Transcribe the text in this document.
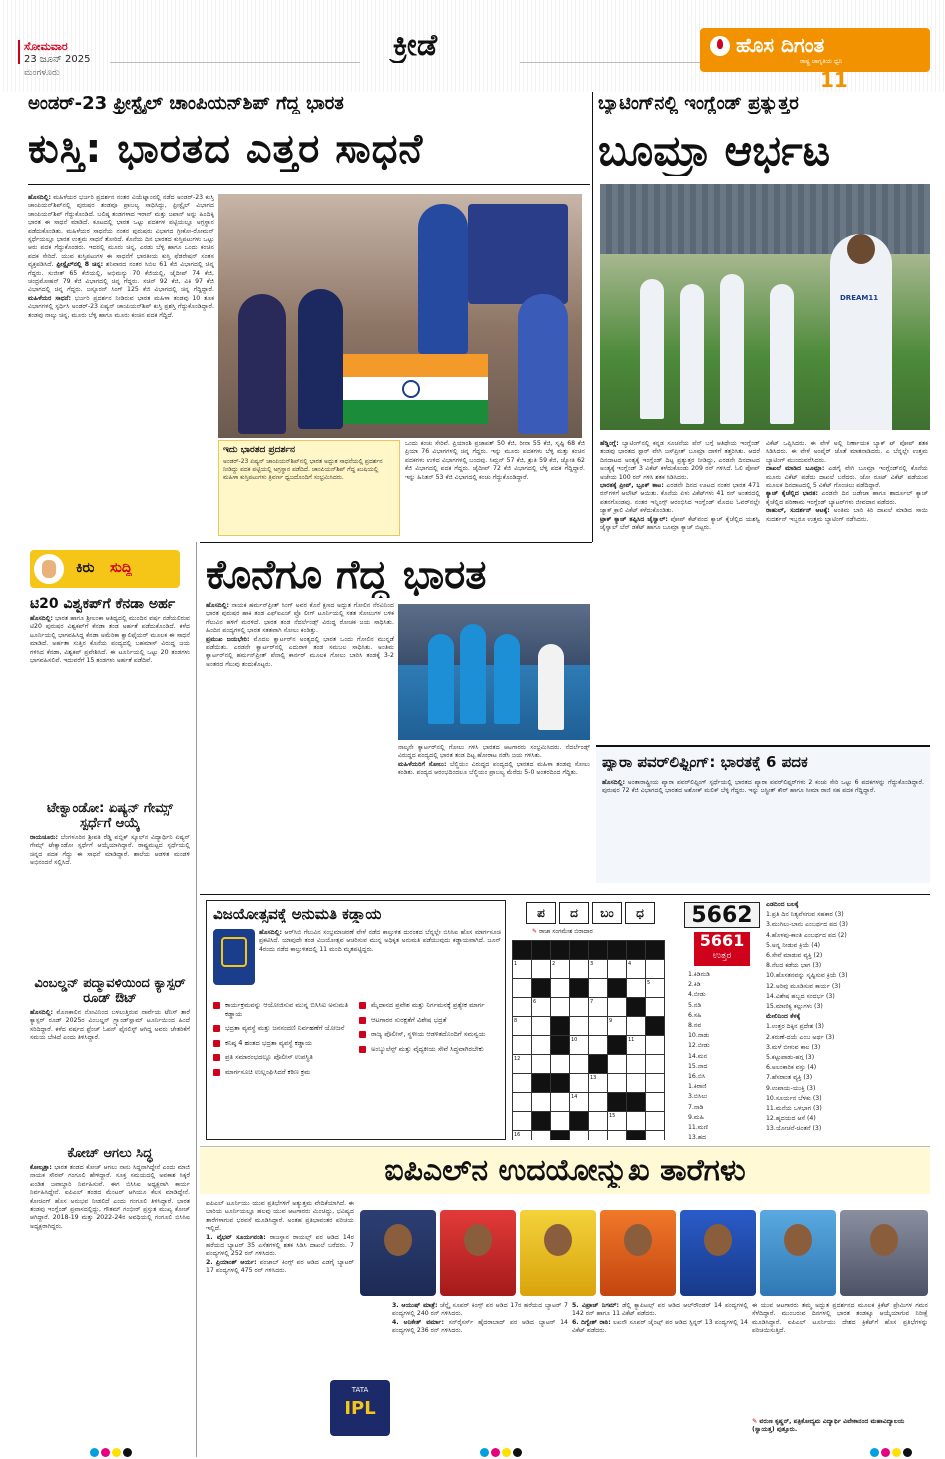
ಸೋಮವಾರ
23 ಜೂನ್ 2025
ಮಂಗಳೂರು
ಕ್ರೀಡೆ	ಹೊಸ ದಿಗಂತ
ರಾಷ್ಟ್ರ ಜಾಗೃತಿಯ ಧ್ವನಿ
11
ಅಂಡರ್-23 ಫ್ರೀಸ್ಟೈಲ್ ಚಾಂಪಿಯನ್‌ಶಿಪ್ ಗೆದ್ದ ಭಾರತ
ಕುಸ್ತಿ: ಭಾರತದ ಎತ್ತರ ಸಾಧನೆ
ಹೊಸದಿಲ್ಲಿ: ಮಹಿಳೆಯರ ಭರ್ಜರಿ ಪ್ರದರ್ಶನ ನಂತರ ವಿಯೆಟ್ನಾಂನಲ್ಲಿ ನಡೆದ ಅಂಡರ್-23 ಕುಸ್ತಿ ಚಾಂಪಿಯನ್‌ಶಿಪ್‌ನಲ್ಲಿ ಪುರುಷರ ತಂಡವೂ ಪ್ರಾಬಲ್ಯ ಸಾಧಿಸಿದ್ದು, ಫ್ರೀಸ್ಟೈಲ್ ವಿಭಾಗದ ಚಾಂಪಿಯನ್‌ಶಿಪ್ ಗೆದ್ದುಕೊಂಡಿದೆ. ಬಲಿಷ್ಠ ತಂಡಗಳಾದ ಇರಾನ್ ಮತ್ತು ಜಪಾನ್ ಅನ್ನು ಹಿಂದಿಕ್ಕಿ ಭಾರತ ಈ ಸಾಧನೆ ಮಾಡಿದೆ. ಕೂಟದಲ್ಲಿ ಭಾರತ ಒಟ್ಟು ಪದಕಗಳ ಪಟ್ಟಿಯಲ್ಲೂ ಅಗ್ರಸ್ಥಾನ ಪಡೆದುಕೊಂಡಿತು. ಮಹಿಳೆಯರ ಸಾಧನೆಯ ನಂತರ ಪುರುಷರು ವಿಭಾಗದ ಗ್ರೀಕೋ-ರೋಮನ್ ಸ್ಪರ್ಧೆಯಲ್ಲೂ ಭಾರತ ಉತ್ತಮ ಸಾಧನೆ ತೋರಿದೆ. ಕೊನೆಯ ದಿನ ಭಾರತದ ಕುಸ್ತಿಪಟುಗಳು ಒಟ್ಟು ಆರು ಪದಕ ಗೆದ್ದುಕೊಂಡರು. ಇದರಲ್ಲಿ ಮೂರು ಚಿನ್ನ, ಎರಡು ಬೆಳ್ಳಿ ಹಾಗೂ ಒಂದು ಕಂಚಿನ ಪದಕ ಸೇರಿದೆ. ಯುವ ಕುಸ್ತಿಪಟುಗಳ ಈ ಸಾಧನೆಗೆ ಭಾರತೀಯ ಕುಸ್ತಿ ಫೆಡರೇಷನ್ ಸಂತಸ ವ್ಯಕ್ತಪಡಿಸಿದೆ. ಫ್ರೀಸ್ಟೈಲ್‌ನಲ್ಲಿ 8 ಚಿನ್ನ: ಶನಿವಾರದ ನಂತರ ಸಿಬಿಲ 61 ಕೆಜಿ ವಿಭಾಗದಲ್ಲಿ ಚಿನ್ನ ಗೆದ್ದರು. ಸುಜೀತ್ 65 ಕೆಜಿಯಲ್ಲಿ, ಅಭಿಮನ್ಯು 70 ಕೆಜಿಯಲ್ಲಿ, ಜೈದೀಪ್ 74 ಕೆಜಿ, ಚಂದ್ರಮೋಹನ್ 79 ಕೆಜಿ ವಿಭಾಗದಲ್ಲಿ ಚಿನ್ನ ಗೆದ್ದರು. ಸಚಿನ್ 92 ಕೆಜಿ, ವಿಕಿ 97 ಕೆಜಿ ವಿಭಾಗದಲ್ಲಿ ಚಿನ್ನ ಗೆದ್ದರು. ಜಸ್ಪೂರನ್ ಸಿಂಗ್ 125 ಕೆಜಿ ವಿಭಾಗದಲ್ಲಿ ಚಿನ್ನ ಗೆದ್ದಿದ್ದಾರೆ. ಮಹಿಳೆಯರ ಸಾಧನೆ: ಭರ್ಜರಿ ಪ್ರದರ್ಶನ ನೀಡಿರುವ ಭಾರತ ಮಹಿಳಾ ತಂಡವು 10 ತೂಕ ವಿಭಾಗಗಳಲ್ಲಿ ಸ್ಪರ್ಧಿಸಿ ಅಂಡರ್-23 ಏಷ್ಯನ್ ಚಾಂಪಿಯನ್‌ಶಿಪ್ ಕುಸ್ತಿ ಪ್ರಶಸ್ತಿ ಗೆದ್ದುಕೊಂಡಿದ್ದಾರೆ. ತಂಡವು ನಾಲ್ಕು ಚಿನ್ನ, ಮೂರು ಬೆಳ್ಳಿ ಹಾಗೂ ಮೂರು ಕಂಚಿನ ಪದಕ ಗೆದ್ದಿದೆ.
ಇದು ಭಾರತದ ಪ್ರದರ್ಶನ
ಅಂಡರ್-23 ಏಷ್ಯನ್ ಚಾಂಪಿಯನ್‌ಶಿಪ್‌ನಲ್ಲಿ ಭಾರತ ಅದ್ಭುತ ಸಾಧನೆಯಲ್ಲಿ ಪ್ರದರ್ಶನ ನೀಡಿದ್ದು ಪದಕ ಪಟ್ಟಿಯಲ್ಲಿ ಅಗ್ರಸ್ಥಾನ ಪಡೆದಿದೆ. ಚಾಂಪಿಯನ್‌ಶಿಪ್ ಗೆದ್ದ ಖುಷಿಯಲ್ಲಿ ಮಹಿಳಾ ಕುಸ್ತಿಪಟುಗಳು ತ್ರಿವರ್ಣ ಧ್ವಜದೊಂದಿಗೆ ಸಂಭ್ರಮಿಸಿದರು.
ಒಂದು ಕಂಚು ಸೇರಿವೆ. ಪ್ರಿಯಾಂಶಿ ಪ್ರಜಾಪತ್ 50 ಕೆಜಿ, ರೀನಾ 55 ಕೆಜಿ, ಸೃಷ್ಟಿ 68 ಕೆಜಿ ಪ್ರಿಯಾ 76 ವಿಭಾಗಗಳಲ್ಲಿ ಚಿನ್ನ ಗೆದ್ದರು. ಇನ್ನು ಮೂರು ಪದಕಗಳು ಬೆಳ್ಳಿ ಮತ್ತು ಕಂಚಿನ ಪದಕಗಳು ಉಳಿದ ವಿಭಾಗಗಳಲ್ಲಿ ಬಂದವು. ಸಿಮ್ರನ್ 57 ಕೆಜಿ, ಶ್ರುತಿ 59 ಕೆಜಿ, ಜ್ಯೋತಿ 62 ಕೆಜಿ ವಿಭಾಗದಲ್ಲಿ ಪದಕ ಗೆದ್ದರು. ಜೈದೀಪ್ 72 ಕೆಜಿ ವಿಭಾಗದಲ್ಲಿ ಬೆಳ್ಳಿ ಪದಕ ಗೆದ್ದಿದ್ದಾರೆ. ಇನ್ನು ಹಿನಿತನ್ 53 ಕೆಜಿ ವಿಭಾಗದಲ್ಲಿ ಕಂಚು ಗೆದ್ದುಕೊಂಡಿದ್ದಾರೆ.
ಬ್ಯಾಟಿಂಗ್‌ನಲ್ಲಿ ಇಂಗ್ಲೆಂಡ್ ಪ್ರತ್ಯುತ್ತರ
ಬೂಮ್ರಾ ಆರ್ಭಟ
DREAM11
ಹೆಡ್ಡಿಂಗ್ಲೆ: ಬ್ಯಾಟಿಂಗ್‌ನಲ್ಲಿ ಕನ್ನಡ ಸೂಚನೆಯ ಪೆನ್ ಬಗ್ಗೆ ಆತಿಥೇಯ ಇಂಗ್ಲೆಂಡ್ ತಂಡವು ಭಾರತದ ಸ್ಟಾರ್ ವೇಗಿ ಜಸ್‌ಪ್ರೀತ್ ಬೂಮ್ರಾ ದಾಳಿಗೆ ತತ್ತರಿಸಿತು. ಆದರೆ ದಿನದಾಟದ ಅಂತ್ಯಕ್ಕೆ ಇಂಗ್ಲೆಂಡ್ ದಿಟ್ಟ ಪ್ರತ್ಯುತ್ತರ ನೀಡಿದ್ದು, ಎರಡನೇ ದಿನದಾಟದ ಅಂತ್ಯಕ್ಕೆ ಇಂಗ್ಲೆಂಡ್ 3 ವಿಕೆಟ್ ಕಳೆದುಕೊಂಡು 209 ರನ್ ಗಳಿಸಿದೆ. ಓಲಿ ಪೋಪ್ ಅಜೇಯ 100 ರನ್ ಗಳಿಸಿ ಶತಕ ಸಿಡಿಸಿದರು.
ಭಾರತಕ್ಕೆ ಪ್ರೀಪ್, ಬ್ರೂಕ್ ಕಾಟ: ಎರಡನೇ ದಿನದ ಊಟದ ನಂತರ ಭಾರತ 471 ರನ್‌ಗಳಿಗೆ ಆಲೌಟ್ ಆಯಿತು. ಕೊನೆಯ ಏಳು ವಿಕೆಟ್‌ಗಳು 41 ರನ್ ಅಂತರದಲ್ಲಿ ಪತನಗೊಂಡವು. ನಂತರ ಇನ್ನಿಂಗ್ಸ್ ಆರಂಭಿಸಿದ ಇಂಗ್ಲೆಂಡ್ ಮೊದಲ ಓವರ್‌ನಲ್ಲೇ ಜ್ಯಾಕ್ ಕ್ರಾಲಿ ವಿಕೆಟ್ ಕಳೆದುಕೊಂಡಿತು.
ಟ್ರಾಕ್ ಕ್ಯಾಚ್ ತಪ್ಪಿಸಿದ ಜೈಸ್ವಾಲ್: ಪೋಪ್ ಕೆಟ್‌ವಂದ ಕ್ಯಾಚ್ ಕೈಚೆಲ್ಲಿದ ಯಶಸ್ವಿ ಜೈಸ್ವಾಲ್ ಬೆನ್ ಡಕೆಟ್ ಹಾಗೂ ಬೂಮ್ರಾ ಕ್ಯಾಚ್ ಬಿಟ್ಟರು.
ವಿಕೆಟ್ ಒಪ್ಪಿಸಿದರು. ಈ ವೇಳೆ ಅಲ್ಲಿ ನಿರ್ಣಾಯಕ ಬ್ಯಾಕ್ ಟ್ ಪೋಪ್ ಶತಕ ಸಿಡಿಸಿದರು. ಈ ವೇಳೆ ಅಂಪೈರ್ ಜೊತೆ ಮಾತನಾಡಿದರು. ಎ ಬೆನ್ನಲ್ಲೇ ಉತ್ತಮ ಬ್ಯಾಟಿಂಗ್ ಮುಂದುವರೆಸಿದರು.
ದಾಖಲೆ ಮಾಡಿದ ಬೂಮ್ರಾ: ಎಡಗೈ ವೇಗಿ ಬೂಮ್ರಾ ಇಂಗ್ಲೆಂಡ್‌ನಲ್ಲಿ ಕೊನೆಯ ಮೂರು ವಿಕೆಟ್ ಪಡೆದು ದಾಖಲೆ ಬರೆದರು. ಜೋ ರೂಟ್ ವಿಕೆಟ್ ಪಡೆಯುವ ಮೂಲಕ ದಿನದಾಟದಲ್ಲಿ 5 ವಿಕೆಟ್ ಗೊಂಚಲು ಪಡೆದಿದ್ದಾರೆ.
ಕ್ಯಾಚ್ ಕೈಚೆಲ್ಲಿದ ಭಾರತ: ಎರಡನೇ ದಿನ ಜಡೇಜಾ ಹಾಗೂ ಶಾರ್ದೂಲ್ ಕ್ಯಾಚ್ ಕೈಚೆಲ್ಲಿದ ಪರಿಣಾಮ ಇಂಗ್ಲೆಂಡ್ ಬ್ಯಾಟರ್‌ಗಳು ಜೀವದಾನ ಪಡೆದರು.
ರಾಹುಲ್, ಸುದರ್ಶನ್ ಆಟಕ್ಕೆ: ಅಂತಿಮ ಬಾರಿ ಕಿರಿ ದಾಖಲೆ ಮಾಡಿದ ಸಾಯಿ ಸುದರ್ಶನ್ ಇಬ್ಬರೂ ಉತ್ತಮ ಬ್ಯಾಟಿಂಗ್ ನಡೆಸಿದರು.
ಪ್ಯಾರಾ ಪವರ್‌ಲಿಫ್ಟಿಂಗ್: ಭಾರತಕ್ಕೆ 6 ಪದಕ
ಹೊಸದಿಲ್ಲಿ: ಅಂತಾರಾಷ್ಟ್ರೀಯ ಪ್ಯಾರಾ ಪವರ್‌ಲಿಫ್ಟಿಂಗ್ ಸ್ಪರ್ಧೆಯಲ್ಲಿ ಭಾರತದ ಪ್ಯಾರಾ ಪವರ್‌ಲಿಫ್ಟರ್‌ಗಳು 2 ಕಂಚು ಸೇರಿ ಒಟ್ಟು 6 ಪದಕಗಳನ್ನು ಗೆದ್ದುಕೊಂಡಿದ್ದಾರೆ. ಪುರುಷರ 72 ಕೆಜಿ ವಿಭಾಗದಲ್ಲಿ ಭಾರತದ ಅಶೋಕ್ ಮಲಿಕ್ ಬೆಳ್ಳಿ ಗೆದ್ದರು. ಇನ್ನು ಜಸ್ಪ್ರೀತ್ ಕೌರ್ ಹಾಗೂ ಸೀಮಾ ರಾಣಿ ಸಹ ಪದಕ ಗೆದ್ದಿದ್ದಾರೆ.
ಕಿರು ಸುದ್ದಿ
ಟಿ20 ವಿಶ್ವಕಪ್‌ಗೆ ಕೆನಡಾ ಅರ್ಹ
ಹೊಸದಿಲ್ಲಿ: ಭಾರತ ಹಾಗೂ ಶ್ರೀಲಂಕಾ ಆತಿಥ್ಯದಲ್ಲಿ ಮುಂದಿನ ವರ್ಷ ನಡೆಯಲಿರುವ ಟಿ20 ಪುರುಷರ ವಿಶ್ವಕಪ್‌ಗೆ ಕೆನಡಾ ತಂಡ ಅರ್ಹತೆ ಪಡೆದುಕೊಂಡಿದೆ. ಕಳೆದ ಟೂರ್ನಿಯಲ್ಲಿ ಭಾಗವಹಿಸಿದ್ದ ಕೆನಡಾ ಅಮೆರಿಕಾ ಕ್ವಾಲಿಫೈಯರ್ ಮೂಲಕ ಈ ಸಾಧನೆ ಮಾಡಿದೆ. ಅರ್ಹತಾ ಸುತ್ತಿನ ಕೊನೆಯ ಪಂದ್ಯದಲ್ಲಿ ಬಹಮಾಸ್ ವಿರುದ್ಧ ಜಯ ಗಳಿಸಿದ ಕೆನಡಾ, ವಿಶ್ವಕಪ್ ಪ್ರವೇಶಿಸಿದೆ. ಈ ಟೂರ್ನಿಯಲ್ಲಿ ಒಟ್ಟು 20 ತಂಡಗಳು ಭಾಗವಹಿಸಲಿವೆ. ಇದುವರೆಗೆ 15 ತಂಡಗಳು ಅರ್ಹತೆ ಪಡೆದಿವೆ.
ಟೇಕ್ವಾಂಡೋ: ಏಷ್ಯನ್ ಗೇಮ್ಸ್ ಸ್ಪರ್ಧೆಗೆ ಆಯ್ಕೆ
ರಾಯಚೂರು: ಬೆಂಗಳೂರಿನ ಶ್ರೀಪತಿ ರೆಡ್ಡಿ ಪಬ್ಲಿಕ್ ಸ್ಕೂಲ್‌ನ ವಿದ್ಯಾರ್ಥಿನಿ ಏಷ್ಯನ್ ಗೇಮ್ಸ್ ಟೇಕ್ವಾಂಡೋ ಸ್ಪರ್ಧೆಗೆ ಆಯ್ಕೆಯಾಗಿದ್ದಾರೆ. ರಾಷ್ಟ್ರಮಟ್ಟದ ಸ್ಪರ್ಧೆಯಲ್ಲಿ ಚಿನ್ನದ ಪದಕ ಗೆದ್ದು ಈ ಸಾಧನೆ ಮಾಡಿದ್ದಾರೆ. ಶಾಲೆಯ ಆಡಳಿತ ಮಂಡಳಿ ಅಭಿನಂದನೆ ಸಲ್ಲಿಸಿದೆ.
ವಿಂಬಲ್ಡನ್ ಪದ್ಮಾವಳಿಯಿಂದ ಕ್ಯಾಸ್ಪರ್ ರೂಡ್ ಔಟ್
ಹೊಸದಿಲ್ಲಿ: ಮೊಣಕಾಲಿನ ನೋವಿನಿಂದ ಬಳಲುತ್ತಿರುವ ನಾರ್ವೆಯ ಟೆನಿಸ್ ತಾರೆ ಕ್ಯಾಸ್ಪರ್ ರೂಡ್ 2025ರ ವಿಂಬಲ್ಡನ್ ಗ್ರ್ಯಾಂಡ್‌ಸ್ಲಾಮ್ ಟೂರ್ನಿಯಿಂದ ಹಿಂದೆ ಸರಿದಿದ್ದಾರೆ. ಕಳೆದ ವರ್ಷದ ಫ್ರೆಂಚ್ ಓಪನ್ ಫೈನಲಿಸ್ಟ್ ಆಗಿದ್ದ ಅವರು ಚೇತರಿಕೆಗೆ ಸಮಯ ಬೇಕಿದೆ ಎಂದು ತಿಳಿಸಿದ್ದಾರೆ.
ಕೋಚ್ ಆಗಲು ಸಿದ್ಧ
ಕೋಲ್ಕತ್ತಾ: ಭಾರತ ತಂಡದ ಕೋಚ್ ಆಗಲು ನಾನು ಸಿದ್ಧನಾಗಿದ್ದೇನೆ ಎಂದು ಮಾಜಿ ನಾಯಕ ಸೌರವ್ ಗಂಗೂಲಿ ಹೇಳಿದ್ದಾರೆ. ಸೂಕ್ತ ಸಮಯದಲ್ಲಿ ಅವಕಾಶ ಸಿಕ್ಕರೆ ಖಂಡಿತ ಜವಾಬ್ದಾರಿ ನಿರ್ವಹಿಸುವೆ. ಈಗ ಬಿಸಿಸಿಐ ಅಧ್ಯಕ್ಷನಾಗಿ ಕಾರ್ಯ ನಿರ್ವಹಿಸಿದ್ದೇನೆ. ಐಪಿಎಲ್ ತಂಡದ ಮೆಂಟರ್ ಆಗಿಯೂ ಕೆಲಸ ಮಾಡಿದ್ದೇನೆ. ಕೋಚಿಂಗ್ ಹೊಸ ಅನುಭವ ನೀಡಲಿದೆ ಎಂದು ಗಂಗೂಲಿ ತಿಳಿಸಿದ್ದಾರೆ. ಭಾರತ ತಂಡವು ಇಂಗ್ಲೆಂಡ್ ಪ್ರವಾಸದಲ್ಲಿದ್ದು, ಗೌತಮ್ ಗಂಭೀರ್ ಪ್ರಸ್ತುತ ಮುಖ್ಯ ಕೋಚ್ ಆಗಿದ್ದಾರೆ. 2018-19 ಮತ್ತು 2022-24ರ ಅವಧಿಯಲ್ಲಿ ಗಂಗೂಲಿ ಬಿಸಿಸಿಐ ಅಧ್ಯಕ್ಷರಾಗಿದ್ದರು.
ಕೊನೆಗೂ ಗೆದ್ದ ಭಾರತ
ಹೊಸದಿಲ್ಲಿ: ನಾಯಕ ಹರ್ಮನ್‌ಪ್ರೀತ್ ಸಿಂಗ್ ಅವರ ಕೊನೆ ಕ್ಷಣದ ಅದ್ಭುತ ಗೋಲಿನ ನೆರವಿನಿಂದ ಭಾರತ ಪುರುಷರ ಹಾಕಿ ತಂಡ ಎಫ್‌ಐಎಚ್ ಪ್ರೊ ಲೀಗ್ ಟೂರ್ನಿಯಲ್ಲಿ ಸತತ ಸೋಲುಗಳ ಬಳಿಕ ಗೆಲುವಿನ ಹಳಿಗೆ ಮರಳಿದೆ. ಭಾರತ ತಂಡ ನೆದರ್ಲೆಂಡ್ಸ್ ವಿರುದ್ಧ ರೋಚಕ ಜಯ ಸಾಧಿಸಿತು. ಹಿಂದಿನ ಪಂದ್ಯಗಳಲ್ಲಿ ಭಾರತ ಸತತವಾಗಿ ಸೋಲು ಕಂಡಿತ್ತು.
ಪ್ರಮುಖ ಜಯಭೇರಿ: ಮೊದಲ ಕ್ವಾರ್ಟರ್‌ನ ಅಂತ್ಯದಲ್ಲಿ ಭಾರತ ಒಂದು ಗೋಲಿನ ಮುನ್ನಡೆ ಪಡೆಯಿತು. ಎರಡನೇ ಕ್ವಾರ್ಟರ್‌ನಲ್ಲಿ ಎದುರಾಳಿ ತಂಡ ಸಮಬಲ ಸಾಧಿಸಿತು. ಅಂತಿಮ ಕ್ವಾರ್ಟರ್‌ನಲ್ಲಿ ಹರ್ಮನ್‌ಪ್ರೀತ್ ಪೆನಾಲ್ಟಿ ಕಾರ್ನರ್ ಮೂಲಕ ಗೋಲು ಬಾರಿಸಿ ತಂಡಕ್ಕೆ 3-2 ಅಂತರದ ಗೆಲುವು ತಂದುಕೊಟ್ಟರು.
ನಾಲ್ಕನೇ ಕ್ವಾರ್ಟರ್‌ನಲ್ಲಿ ಗೋಲು ಗಳಿಸಿ ಭಾರತದ ಆಟಗಾರರು ಸಂಭ್ರಮಿಸಿದರು. ನೆದರ್ಲೆಂಡ್ಸ್ ವಿರುದ್ಧದ ಪಂದ್ಯದಲ್ಲಿ ಭಾರತ ತಂಡ ದಿಟ್ಟ ಹೋರಾಟ ನಡೆಸಿ ಜಯ ಗಳಿಸಿತು.
ಮಹಿಳೆಯರಿಗೆ ಸೋಲು: ಬೆಲ್ಜಿಯಂ ವಿರುದ್ಧದ ಪಂದ್ಯದಲ್ಲಿ ಭಾರತದ ಮಹಿಳಾ ತಂಡವು ಸೋಲು ಕಂಡಿತು. ಪಂದ್ಯದ ಆರಂಭದಿಂದಲೂ ಬೆಲ್ಜಿಯಂ ಪ್ರಾಬಲ್ಯ ಮೆರೆದು 5-0 ಅಂತರದಿಂದ ಗೆದ್ದಿತು.
ವಿಜಯೋತ್ಸವಕ್ಕೆ ಅನುಮತಿ ಕಡ್ಡಾಯ
ಹೊಸದಿಲ್ಲಿ: ಆರ್‌ಸಿಬಿ ಗೆಲುವಿನ ಸಂಭ್ರಮಾಚರಣೆ ವೇಳೆ ನಡೆದ ಕಾಲ್ತುಳಿತ ದುರಂತದ ಬೆನ್ನಲ್ಲೇ ಬಿಸಿಸಿಐ ಹೊಸ ಮಾರ್ಗಸೂಚಿ ಪ್ರಕಟಿಸಿದೆ. ಯಾವುದೇ ತಂಡ ವಿಜಯೋತ್ಸವ ಆಚರಿಸುವ ಮುನ್ನ ಅಧಿಕೃತ ಅನುಮತಿ ಪಡೆಯುವುದು ಕಡ್ಡಾಯವಾಗಿದೆ. ಜೂನ್ 4ರಂದು ನಡೆದ ಕಾಲ್ತುಳಿತದಲ್ಲಿ 11 ಮಂದಿ ಮೃತಪಟ್ಟಿದ್ದರು.
ಕಾರ್ಯಕ್ರಮವನ್ನು ಆಯೋಜಿಸುವ ಮುನ್ನ ಬಿಸಿಸಿಐ ಅನುಮತಿ ಕಡ್ಡಾಯ
ಭದ್ರತಾ ವ್ಯವಸ್ಥೆ ಮತ್ತು ಜನಸಂದಣಿ ನಿರ್ವಹಣೆಗೆ ಯೋಜನೆ
ಕನಿಷ್ಠ 4 ಹಂತದ ಭದ್ರತಾ ವ್ಯವಸ್ಥೆ ಕಡ್ಡಾಯ
ಪ್ರತಿ ಸಮಾರಂಭದಲ್ಲೂ ಪೊಲೀಸ್ ಉಪಸ್ಥಿತಿ
ಮಾರ್ಗಸೂಚಿ ಉಲ್ಲಂಘಿಸಿದರೆ ಕಠಿಣ ಕ್ರಮ
ಮೈದಾನದ ಪ್ರವೇಶ ಮತ್ತು ನಿರ್ಗಮನಕ್ಕೆ ಪ್ರತ್ಯೇಕ ಮಾರ್ಗ
ಆಟಗಾರರ ಸುರಕ್ಷತೆಗೆ ವಿಶೇಷ ಭದ್ರತೆ
ರಾಜ್ಯ ಪೊಲೀಸ್, ಸ್ಥಳೀಯ ಆಡಳಿತದೊಂದಿಗೆ ಸಮನ್ವಯ
ಅಂಬ್ಯುಲೆನ್ಸ್ ಮತ್ತು ವೈದ್ಯಕೀಯ ಸೇವೆ ಸಿದ್ಧವಾಗಿರಬೇಕು
ಪ	ದ	ಬಂ	ಧ
✎ ರಾಜಾ ಸಂಗಮೇಶ ಬಿರಾದಾರ

1		2		3		4	
							5
	6			7			
8					9		
			10			11	
12							
				13			
			14				
					15		
16							
5662
5661
ಉತ್ತರ
1.ಕಿಡಿನುಡಿ
2.ಕಿಡಿ
4.ಬೀಡು
5.ನಡಿ
6.ಸಹಿ
8.ನವ
10.ನಾಡು
12.ಬೀಡು
14.ಮನ
15.ನಾದ
16.ಬಿಸಿ
1.ಕಿರಾಣಿ
3.ಬಿಸಿಲು
7.ನಾಡಿ
9.ಮಹಿ
11.ಮಣಿ
13.ಹದ
ಎಡದಿಂದ ಬಲಕ್ಕೆ
1.ಪ್ರತಿ ದಿನ ನಿತ್ಯವೆಸಗುವ ಸಹಕಾರ (3)
3.ಮುಗಿಲು-ಬಾನು ಎಂಬರ್ಥದ ಪದ (3)
4.ಹೊಳಪು-ಕಾಂತಿ ಎಂಬರ್ಥದ ಪದ (2)
5.ಅನ್ನ ನೀಡುವ ಕ್ರಿಯೆ (4)
6.ಸೇವೆ ಮಾಡುವ ವ್ಯಕ್ತಿ (2)
8.ನೆಲದ ಕಡೆಯ ಭಾಗ (3)
10.ಹೊಸತನವನ್ನು ಸೃಷ್ಟಿಸುವ ಕ್ರಿಯೆ (3)
12.ಅರಿವು ಮೂಡಿಸುವ ಕಾರ್ಯ (3)
14.ವಿಶೇಷ ಹಬ್ಬದ ಸಂದರ್ಭ (3)
15.ಮಾಣಿಕ್ಯ ಕಲ್ಲುಗಳು (3)
ಮೇಲಿನಿಂದ ಕೆಳಕ್ಕೆ
1.ಉತ್ತರ ದಿಕ್ಕಿನ ಪ್ರದೇಶ (3)
2.ಕರುಣೆ-ದಯೆ ಎಂಬ ಅರ್ಥ (3)
3.ಮಳೆ ಬೀಳುವ ಕಾಲ (3)
5.ಕಟ್ಟುಪಾಡು-ಹಗ್ಗ (3)
6.ಅಲಂಕಾರಿಕ ವಸ್ತು (4)
7.ಹೆಸರಾಂತ ವ್ಯಕ್ತಿ (3)
9.ಉಪಾಯ-ಯುಕ್ತಿ (3)
10.ಸೂರ್ಯನ ಬೆಳಕು (3)
11.ಮನೆಯ ಒಳಭಾಗ (3)
12.ಹೃದಯದ ಆಸೆ (4)
13.ಯೋಚನೆ-ಚಿಂತನೆ (3)
ಐಪಿಎಲ್‌ನ ಉದಯೋನ್ಮುಖ ತಾರೆಗಳು
ಐಪಿಎಲ್ ಟೂರ್ನಿಯು ಯುವ ಪ್ರತಿಭೆಗಳಿಗೆ ಅತ್ಯುತ್ತಮ ವೇದಿಕೆಯಾಗಿದೆ. ಈ ಬಾರಿಯ ಟೂರ್ನಿಯಲ್ಲೂ ಹಲವು ಯುವ ಆಟಗಾರರು ಮಿಂಚಿದ್ದು, ಭವಿಷ್ಯದ ತಾರೆಗಳಾಗುವ ಭರವಸೆ ಮೂಡಿಸಿದ್ದಾರೆ. ಅಂತಹ ಪ್ರತಿಭಾವಂತರ ಪರಿಚಯ ಇಲ್ಲಿದೆ.
1. ವೈಭವ್ ಸೂರ್ಯವಂಶಿ: ರಾಜಸ್ಥಾನ ರಾಯಲ್ಸ್ ಪರ ಆಡಿದ 14ರ ಹರೆಯದ ಬ್ಯಾಟರ್ 35 ಎಸೆತಗಳಲ್ಲಿ ಶತಕ ಸಿಡಿಸಿ ದಾಖಲೆ ಬರೆದರು. 7 ಪಂದ್ಯಗಳಲ್ಲಿ 252 ರನ್ ಗಳಿಸಿದರು.
2. ಪ್ರಿಯಾಂಶ್ ಆರ್ಯ: ಪಂಜಾಬ್ ಕಿಂಗ್ಸ್ ಪರ ಆಡಿದ ಎಡಗೈ ಬ್ಯಾಟರ್ 17 ಪಂದ್ಯಗಳಲ್ಲಿ 475 ರನ್ ಗಳಿಸಿದರು.
3. ಆಯುಷ್ ಮಾತ್ರೆ: ಚೆನ್ನೈ ಸೂಪರ್ ಕಿಂಗ್ಸ್ ಪರ ಆಡಿದ 17ರ ಹರೆಯದ ಬ್ಯಾಟರ್ 7 ಪಂದ್ಯಗಳಲ್ಲಿ 240 ರನ್ ಗಳಿಸಿದರು.
4. ಅನಿಕೇತ್ ವರ್ಮಾ: ಸನ್‌ರೈಸರ್ಸ್ ಹೈದರಾಬಾದ್ ಪರ ಆಡಿದ ಬ್ಯಾಟರ್ 14 ಪಂದ್ಯಗಳಲ್ಲಿ 236 ರನ್ ಗಳಿಸಿದರು.
TATA
IPL
5. ವಿಪ್ರಾಜ್ ನಿಗಮ್: ಡೆಲ್ಲಿ ಕ್ಯಾಪಿಟಲ್ಸ್ ಪರ ಆಡಿದ ಆಲ್‌ರೌಂಡರ್ 14 ಪಂದ್ಯಗಳಲ್ಲಿ 142 ರನ್ ಹಾಗೂ 11 ವಿಕೆಟ್ ಪಡೆದರು.
6. ದಿಗ್ವೇಶ್ ರಾಠಿ: ಲಖನೌ ಸೂಪರ್ ಜೈಂಟ್ಸ್ ಪರ ಆಡಿದ ಸ್ಪಿನ್ನರ್ 13 ಪಂದ್ಯಗಳಲ್ಲಿ 14 ವಿಕೆಟ್ ಪಡೆದರು.
ಈ ಯುವ ಆಟಗಾರರು ತಮ್ಮ ಅದ್ಭುತ ಪ್ರದರ್ಶನದ ಮೂಲಕ ಕ್ರಿಕೆಟ್ ಪ್ರೇಮಿಗಳ ಗಮನ ಸೆಳೆದಿದ್ದಾರೆ. ಮುಂಬರುವ ದಿನಗಳಲ್ಲಿ ಭಾರತ ತಂಡಕ್ಕೂ ಆಯ್ಕೆಯಾಗುವ ನಿರೀಕ್ಷೆ ಮೂಡಿಸಿದ್ದಾರೆ. ಐಪಿಎಲ್ ಟೂರ್ನಿಯು ದೇಶದ ಕ್ರಿಕೆಟ್‌ಗೆ ಹೊಸ ಪ್ರತಿಭೆಗಳನ್ನು ಪರಿಚಯಿಸುತ್ತಿದೆ.
✎ ವರುಣ ಕೃಷ್ಣನ್, ಪತ್ರಿಕೋದ್ಯಮ ವಿದ್ಯಾರ್ಥಿ ವಿವೇಕಾನಂದ ಮಹಾವಿದ್ಯಾಲಯ (ಸ್ವಾಯತ್ತ) ಪುತ್ತೂರು.
